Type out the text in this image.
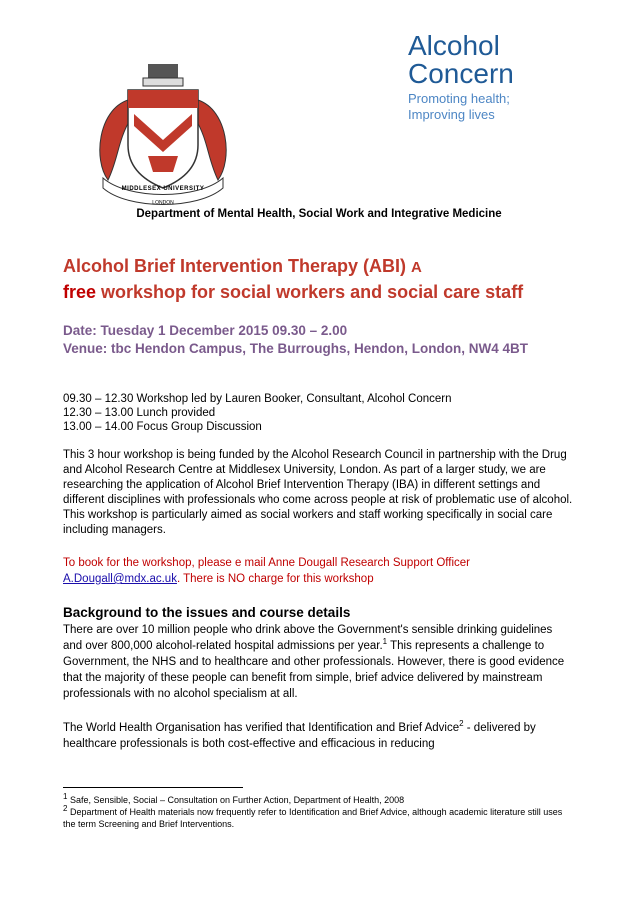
MIDDLESEX UNIVERSITY
LONDON
Alcohol
Concern
Promoting health;
Improving lives
Department of Mental Health, Social Work and Integrative Medicine
Alcohol Brief Intervention Therapy (ABI) A
free workshop for social workers and social care staff
Date: Tuesday 1 December 2015 09.30 – 2.00
Venue: tbc Hendon Campus, The Burroughs, Hendon, London, NW4 4BT
09.30 – 12.30 Workshop led by Lauren Booker, Consultant, Alcohol Concern
12.30 – 13.00 Lunch provided
13.00 – 14.00 Focus Group Discussion

This 3 hour workshop is being funded by the Alcohol Research Council in partnership with the Drug and Alcohol Research Centre at Middlesex University, London. As part of a larger study, we are researching the application of Alcohol Brief Intervention Therapy (IBA) in different settings and different disciplines with professionals who come across people at risk of problematic use of alcohol. This workshop is particularly aimed as social workers and staff working specifically in social care including managers.

To book for the workshop, please e mail Anne Dougall Research Support Officer
A.Dougall@mdx.ac.uk. There is NO charge for this workshop

Background to the issues and course details

There are over 10 million people who drink above the Government's sensible drinking guidelines and over 800,000 alcohol-related hospital admissions per year.$^1$ This represents a challenge to Government, the NHS and to healthcare and other professionals. However, there is good evidence that the majority of these people can benefit from simple, brief advice delivered by mainstream professionals with no alcohol specialism at all.

The World Health Organisation has verified that Identification and Brief Advice$^2$ - delivered by healthcare professionals is both cost-effective and efficacious in reducing

$^1$ Safe, Sensible, Social – Consultation on Further Action, Department of Health, 2008
$^2$ Department of Health materials now frequently refer to Identification and Brief Advice, although academic literature still uses the term Screening and Brief Interventions.
